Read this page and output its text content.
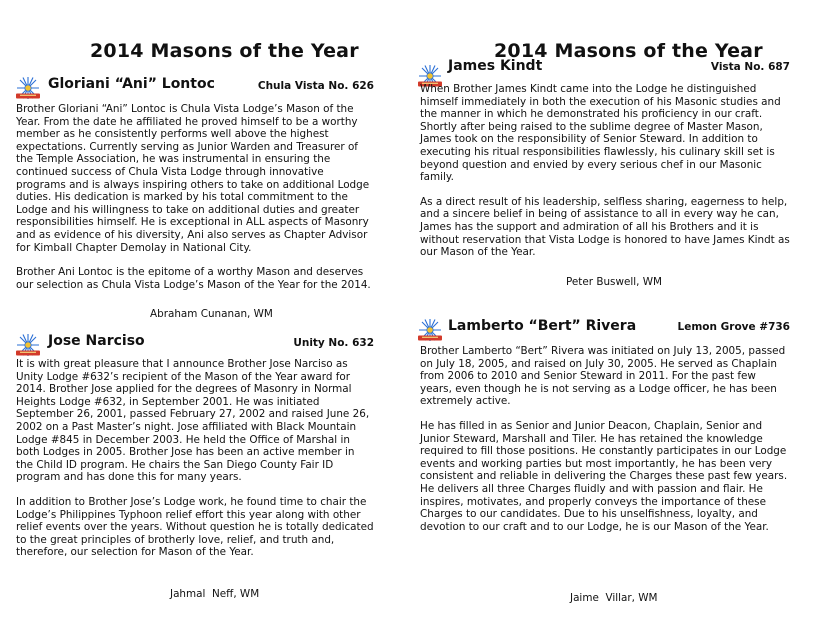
2014 Masons of the Year
Gloriani “Ani” Lontoc	Chula Vista No. 626

Brother Gloriani “Ani” Lontoc is Chula Vista Lodge’s Mason of the Year. From the date he affiliated he proved himself to be a worthy member as he consistently performs well above the highest expectations. Currently serving as Junior Warden and Treasurer of the Temple Association, he was instrumental in ensuring the continued success of Chula Vista Lodge through innovative programs and is always inspiring others to take on additional Lodge duties. His dedication is marked by his total commitment to the Lodge and his willingness to take on additional duties and greater responsibilities himself. He is exceptional in ALL aspects of Masonry and as evidence of his diversity, Ani also serves as Chapter Advisor for Kimball Chapter Demolay in National City.

Brother Ani Lontoc is the epitome of a worthy Mason and deserves our selection as Chula Vista Lodge’s Mason of the Year for the 2014.

Abraham Cunanan, WM
Jose Narciso	Unity No. 632

It is with great pleasure that I announce Brother Jose Narciso as Unity Lodge #632’s recipient of the Mason of the Year award for 2014. Brother Jose applied for the degrees of Masonry in Normal Heights Lodge #632, in September 2001. He was initiated September 26, 2001, passed February 27, 2002 and raised June 26, 2002 on a Past Master’s night. Jose affiliated with Black Mountain Lodge #845 in December 2003. He held the Office of Marshal in both Lodges in 2005. Brother Jose has been an active member in the Child ID program. He chairs the San Diego County Fair ID program and has done this for many years.

In addition to Brother Jose’s Lodge work, he found time to chair the Lodge’s Philippines Typhoon relief effort this year along with other relief events over the years. Without question he is totally dedicated to the great principles of brotherly love, relief, and truth and, therefore, our selection for Mason of the Year.

Jahmal  Neff, WM
2014 Masons of the Year
James Kindt	Vista No. 687

When Brother James Kindt came into the Lodge he distinguished himself immediately in both the execution of his Masonic studies and the manner in which he demonstrated his proficiency in our craft. Shortly after being raised to the sublime degree of Master Mason, James took on the responsibility of Senior Steward. In addition to executing his ritual responsibilities flawlessly, his culinary skill set is beyond question and envied by every serious chef in our Masonic family.

As a direct result of his leadership, selfless sharing, eagerness to help, and a sincere belief in being of assistance to all in every way he can, James has the support and admiration of all his Brothers and it is without reservation that Vista Lodge is honored to have James Kindt as our Mason of the Year.

Peter Buswell, WM
Lamberto “Bert” Rivera	Lemon Grove #736

Brother Lamberto “Bert” Rivera was initiated on July 13, 2005, passed on July 18, 2005, and raised on July 30, 2005. He served as Chaplain from 2006 to 2010 and Senior Steward in 2011. For the past few years, even though he is not serving as a Lodge officer, he has been extremely active.

He has filled in as Senior and Junior Deacon, Chaplain, Senior and Junior Steward, Marshall and Tiler. He has retained the knowledge required to fill those positions. He constantly participates in our Lodge events and working parties but most importantly, he has been very consistent and reliable in delivering the Charges these past few years. He delivers all three Charges fluidly and with passion and flair. He inspires, motivates, and properly conveys the importance of these Charges to our candidates. Due to his unselfishness, loyalty, and devotion to our craft and to our Lodge, he is our Mason of the Year.

Jaime  Villar, WM
